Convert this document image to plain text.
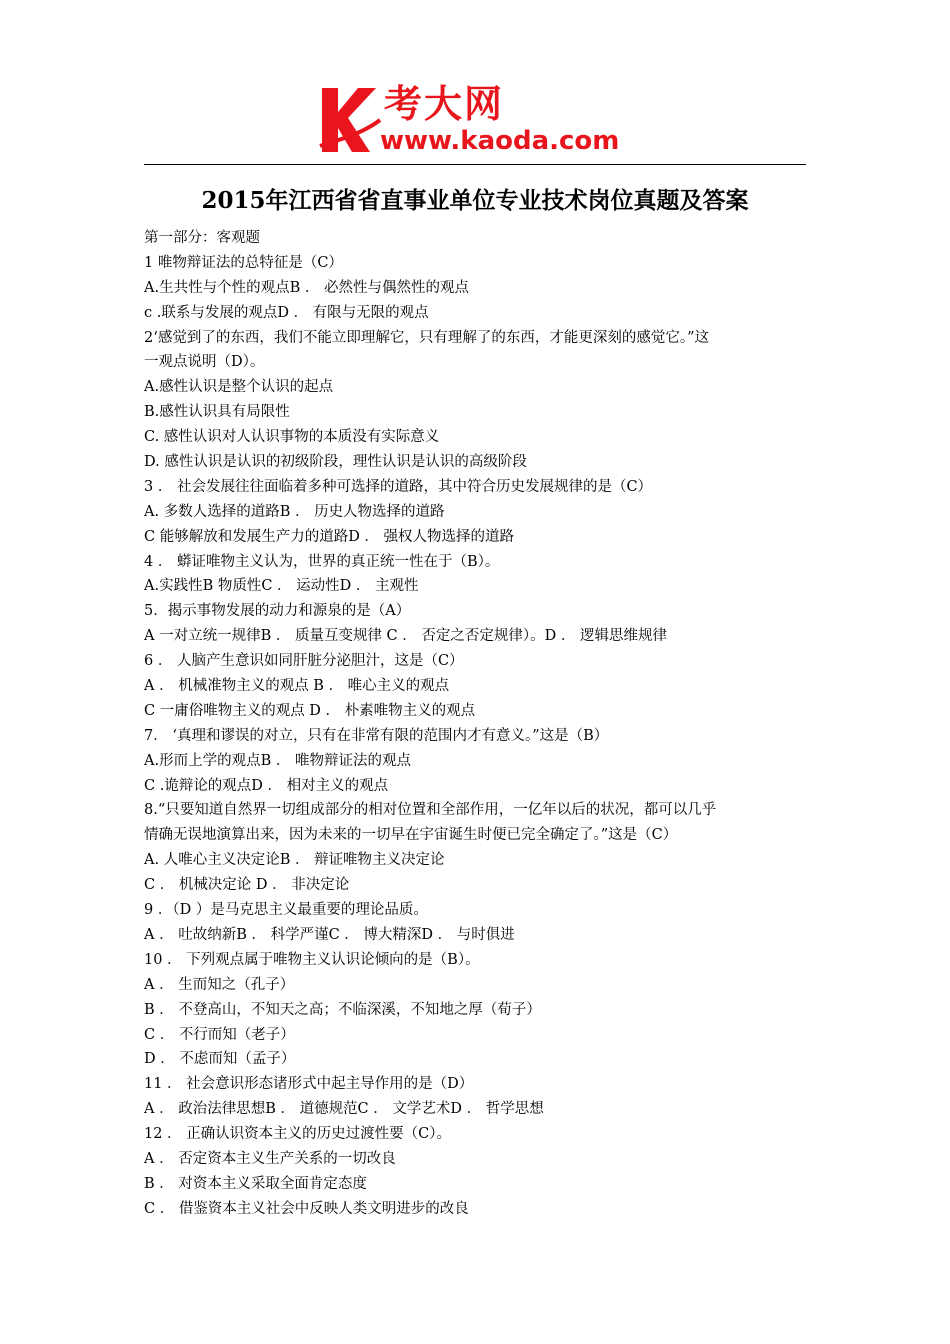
考大网
www.kaoda.com
2015年江西省省直事业单位专业技术岗位真题及答案
第一部分：客观题
1 唯物辩证法的总特征是（C）
A.生共性与个性的观点B ． 必然性与偶然性的观点
c .联系与发展的观点D ． 有限与无限的观点
2‘感觉到了的东西，我们不能立即理解它，只有理解了的东西，才能更深刻的感觉它。”这
一观点说明（D）。
A.感性认识是整个认识的起点
B.感性认识具有局限性
C. 感性认识对人认识事物的本质没有实际意义
D. 感性认识是认识的初级阶段，理性认识是认识的高级阶段
3 ． 社会发展往往面临着多种可选择的道路，其中符合历史发展规律的是（C）
A. 多数人选择的道路B ． 历史人物选择的道路
C 能够解放和发展生产力的道路D ． 强权人物选择的道路
4 ． 蟒证唯物主义认为，世界的真正统一性在于（B）。
A.实践性B 物质性C ． 运动性D ． 主观性
5．揭示事物发展的动力和源泉的是（A）
A 一对立统一规律B ． 质量互变规律 C ． 否定之否定规律）。D ． 逻辑思维规律
6 ． 人脑产生意识如同肝脏分泌胆汁，这是（C）
A ． 机械准物主义的观点 B ． 唯心主义的观点
C 一庸俗唯物主义的观点 D ． 朴素唯物主义的观点
7． ‘真理和谬误的对立，只有在非常有限的范围内才有意义。”这是（B）
A.形而上学的观点B ． 唯物辩证法的观点
C .诡辩论的观点D ． 相对主义的观点
8.“只要知道自然界一切组成部分的相对位置和全部作用，一亿年以后的状况，都可以几乎
情确无误地演算出来，因为未来的一切早在宇宙诞生时便已完全确定了。”这是（C）
A. 人唯心主义决定论B ． 辩证唯物主义决定论
C ． 机械决定论 D ． 非决定论
9 ．（D ）是马克思主义最重要的理论品质。
A ． 吐故纳新B ． 科学严谨C ． 博大精深D ． 与时俱进
10 ． 下列观点属于唯物主义认识论倾向的是（B）。
A ． 生而知之（孔子）
B ． 不登高山，不知天之高；不临深溪，不知地之厚（荀子）
C ． 不行而知（老子）
D ． 不虑而知（孟子）
11 ． 社会意识形态诸形式中起主导作用的是（D）
A ． 政治法律思想B ． 道德规范C ． 文学艺术D ． 哲学思想
12 ． 正确认识资本主义的历史过渡性要（C）。
A ． 否定资本主义生产关系的一切改良
B ． 对资本主义采取全面肯定态度
C ． 借鉴资本主义社会中反映人类文明进步的改良
